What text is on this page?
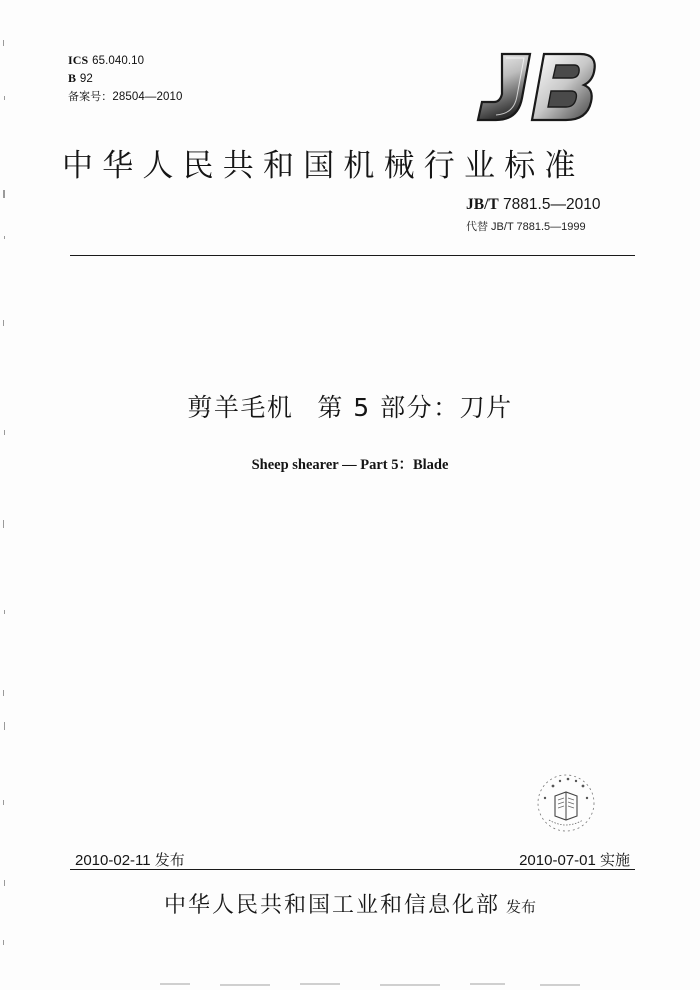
ICS 65.040.10
B 92
备案号：28504—2010
中华人民共和国机械行业标准
JB/T 7881.5—2010
代替 JB/T 7881.5—1999
剪羊毛机 第 5 部分：刀片
Sheep shearer — Part 5：Blade
2010-02-11 发布	2010-07-01 实施
中华人民共和国工业和信息化部 发布
